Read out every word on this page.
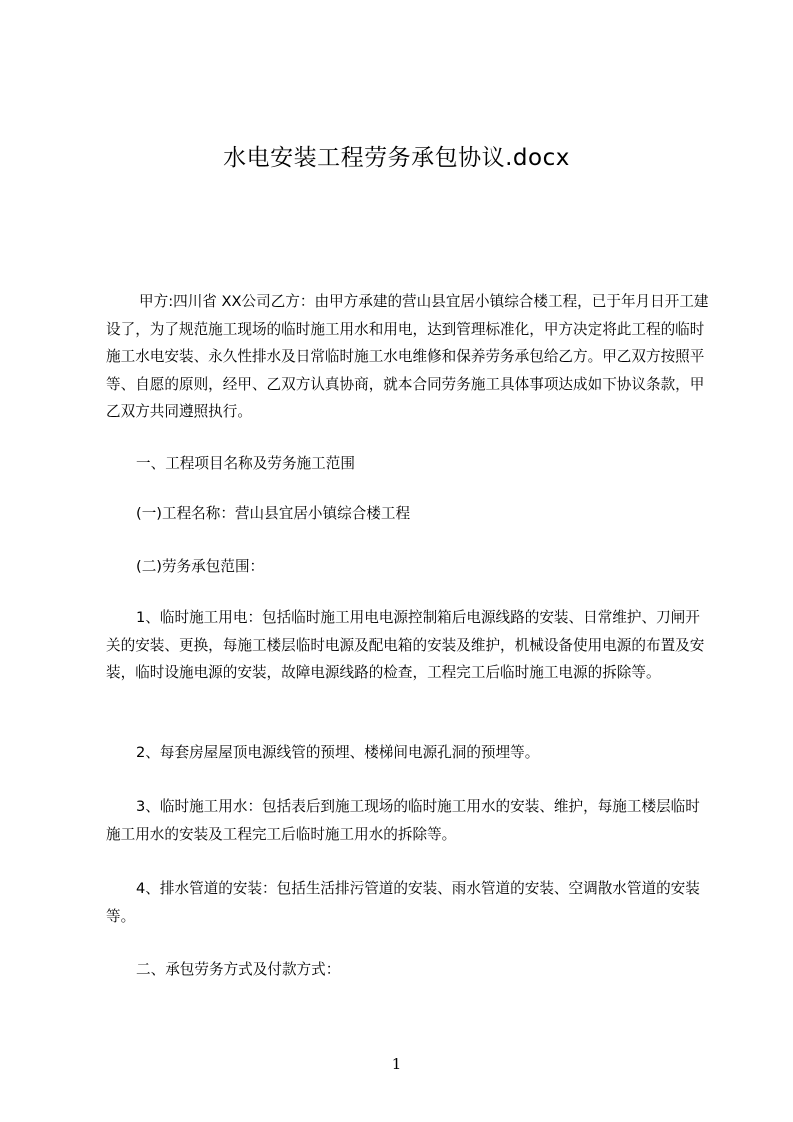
水电安装工程劳务承包协议.docx

甲方:四川省 XX公司乙方：由甲方承建的营山县宜居小镇综合楼工程，已于年月日开工建设了，为了规范施工现场的临时施工用水和用电，达到管理标准化，甲方决定将此工程的临时施工水电安装、永久性排水及日常临时施工水电维修和保养劳务承包给乙方。甲乙双方按照平等、自愿的原则，经甲、乙双方认真协商，就本合同劳务施工具体事项达成如下协议条款，甲乙双方共同遵照执行。

一、工程项目名称及劳务施工范围

(一)工程名称：营山县宜居小镇综合楼工程

(二)劳务承包范围：

1、临时施工用电：包括临时施工用电电源控制箱后电源线路的安装、日常维护、刀闸开关的安装、更换，每施工楼层临时电源及配电箱的安装及维护，机械设备使用电源的布置及安装，临时设施电源的安装，故障电源线路的检查，工程完工后临时施工电源的拆除等。

2、每套房屋屋顶电源线管的预埋、楼梯间电源孔洞的预埋等。

3、临时施工用水：包括表后到施工现场的临时施工用水的安装、维护，每施工楼层临时施工用水的安装及工程完工后临时施工用水的拆除等。

4、排水管道的安装：包括生活排污管道的安装、雨水管道的安装、空调散水管道的安装等。

二、承包劳务方式及付款方式：

1
